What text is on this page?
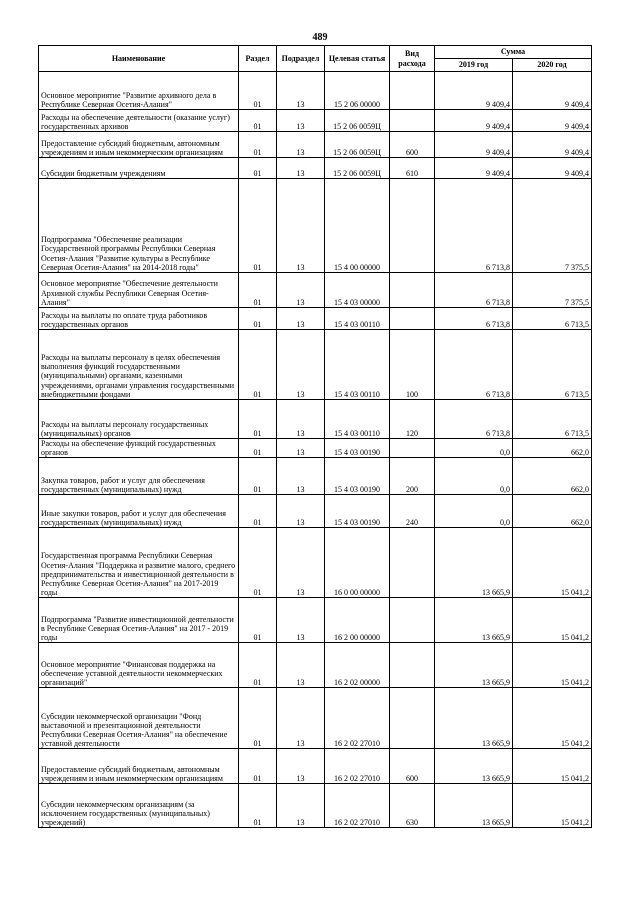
489
Наименование	Раздел	Подраздел	Целевая статья	Вид расхода	Сумма	
					2019 год	2020 год
Основное мероприятие "Развитие архивного дела в Республике Северная Осетия-Алания"	01	13	15 2 06 00000		9 409,4	9 409,4
Расходы на обеспечение деятельности (оказание услуг) государственных архивов	01	13	15 2 06 0059Ц		9 409,4	9 409,4
Предоставление субсидий бюджетным, автономным учреждениям и иным некоммерческим организациям	01	13	15 2 06 0059Ц	600	9 409,4	9 409,4
Субсидии бюджетным учреждениям	01	13	15 2 06 0059Ц	610	9 409,4	9 409,4
Подпрограмма "Обеспечение реализации Государственной программы Республики Северная Осетия-Алания "Развитие культуры в Республике Северная Осетия-Алания" на 2014-2018 годы"	01	13	15 4 00 00000		6 713,8	7 375,5
Основное мероприятие "Обеспечение деятельности Архивной службы Республики Северная Осетия-Алания"	01	13	15 4 03 00000		6 713,8	7 375,5
Расходы на выплаты по оплате труда работников государственных органов	01	13	15 4 03 00110		6 713,8	6 713,5
Расходы на выплаты персоналу в целях обеспечения выполнения функций государственными (муниципальными) органами, казенными учреждениями, органами управления государственными внебюджетными фондами	01	13	15 4 03 00110	100	6 713,8	6 713,5
Расходы на выплаты персоналу государственных (муниципальных) органов	01	13	15 4 03 00110	120	6 713,8	6 713,5
Расходы на обеспечение функций государственных органов	01	13	15 4 03 00190		0,0	662,0
Закупка товаров, работ и услуг для обеспечения государственных (муниципальных) нужд	01	13	15 4 03 00190	200	0,0	662,0
Иные закупки товаров, работ и услуг для обеспечения государственных (муниципальных) нужд	01	13	15 4 03 00190	240	0,0	662,0
Государственная программа Республики Северная Осетия-Алания "Поддержка и развитие малого, среднего предпринимательства и инвестиционной деятельности в Республике Северная Осетия-Алания" на 2017-2019 годы	01	13	16 0 00 00000		13 665,9	15 041,2
Подпрограмма "Развитие инвестиционной деятельности в Республике Северная Осетия-Алания" на 2017 - 2019 годы	01	13	16 2 00 00000		13 665,9	15 041,2
Основное мероприятие "Финансовая поддержка на обеспечение уставной деятельности некоммерческих организаций"	01	13	16 2 02 00000		13 665,9	15 041,2
Субсидии некоммерческой организации "Фонд выставочной и презентационной деятельности Республики Северная Осетия-Алания" на обеспечение уставной деятельности	01	13	16 2 02 27010		13 665,9	15 041,2
Предоставление субсидий бюджетным, автономным учреждениям и иным некоммерческим организациям	01	13	16 2 02 27010	600	13 665,9	15 041,2
Субсидии некоммерческим организациям (за исключением государственных (муниципальных) учреждений)	01	13	16 2 02 27010	630	13 665,9	15 041,2
